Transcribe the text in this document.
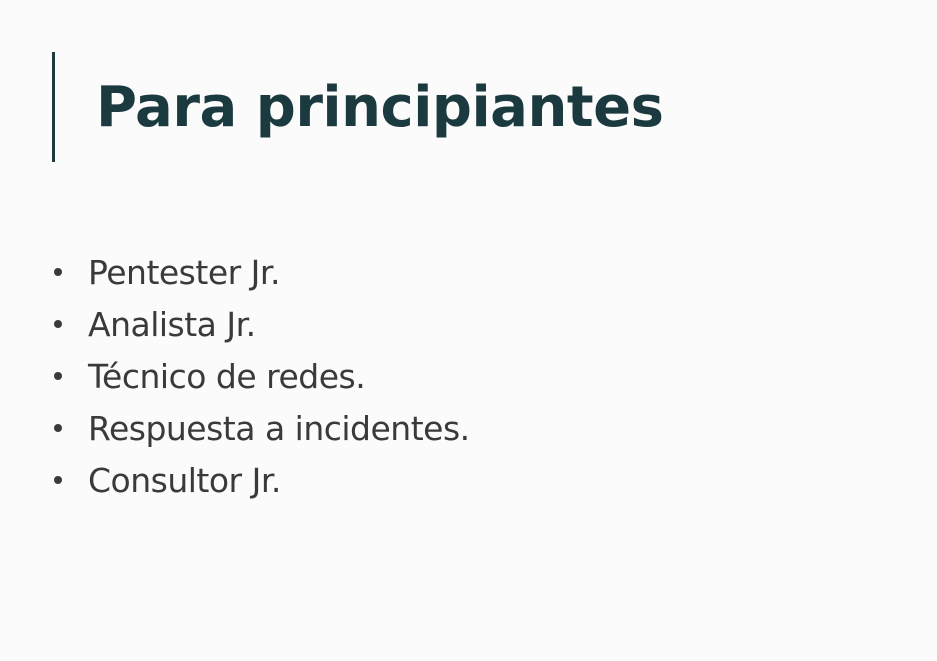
Para principiantes
Pentester Jr.
Analista Jr.
Técnico de redes.
Respuesta a incidentes.
Consultor Jr.
